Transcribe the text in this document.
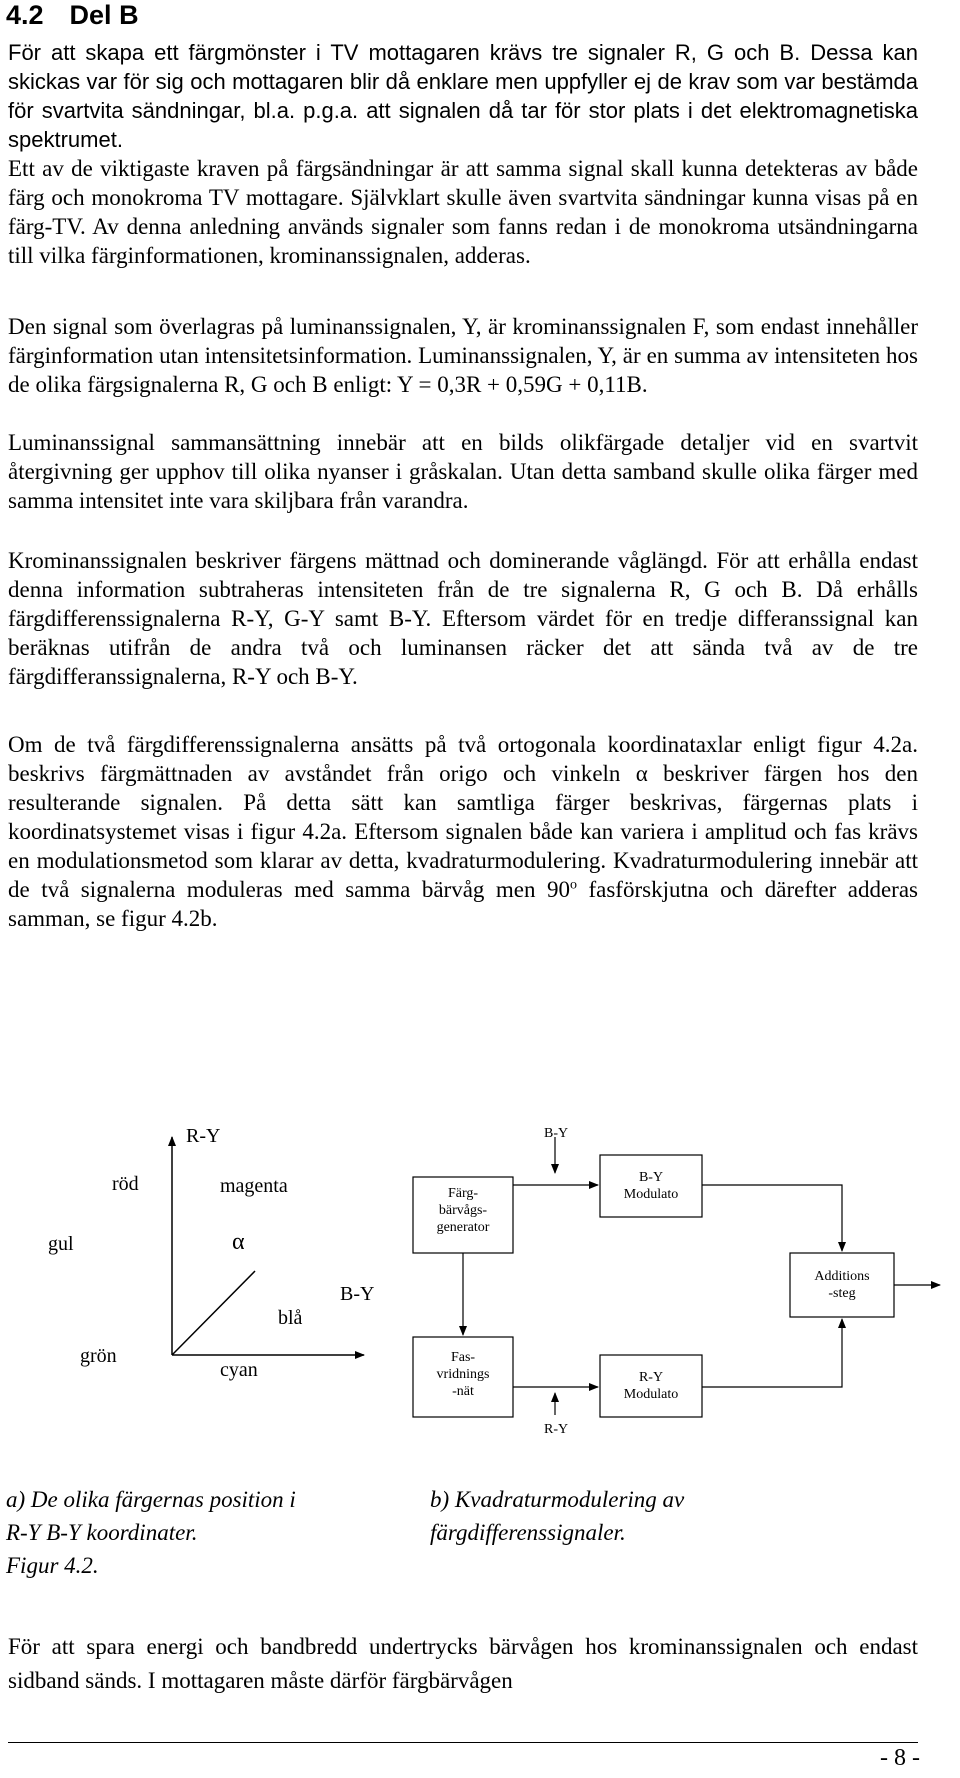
4.2 Del B

För att skapa ett färgmönster i TV mottagaren krävs tre signaler R, G och B. Dessa kan skickas var för sig och mottagaren blir då enklare men uppfyller ej de krav som var bestämda för svartvita sändningar, bl.a. p.g.a. att signalen då tar för stor plats i det elektromagnetiska spektrumet.

Ett av de viktigaste kraven på färgsändningar är att samma signal skall kunna detekteras av både färg och monokroma TV mottagare. Självklart skulle även svartvita sändningar kunna visas på en färg-TV. Av denna anledning används signaler som fanns redan i de monokroma utsändningarna till vilka färginformationen, krominanssignalen, adderas.

Den signal som överlagras på luminanssignalen, Y, är krominanssignalen F, som endast innehåller färginformation utan intensitetsinformation. Luminanssignalen, Y, är en summa av intensiteten hos de olika färgsignalerna R, G och B enligt: Y = 0,3R + 0,59G + 0,11B.

Luminanssignal sammansättning innebär att en bilds olikfärgade detaljer vid en svartvit återgivning ger upphov till olika nyanser i gråskalan. Utan detta samband skulle olika färger med samma intensitet inte vara skiljbara från varandra.

Krominanssignalen beskriver färgens mättnad och dominerande våglängd. För att erhålla endast denna information subtraheras intensiteten från de tre signalerna R, G och B. Då erhålls färgdifferenssignalerna R-Y, G-Y samt B-Y. Eftersom värdet för en tredje differanssignal kan beräknas utifrån de andra två och luminansen räcker det att sända två av de tre färgdifferanssignalerna, R-Y och B-Y.

Om de två färgdifferenssignalerna ansätts på två ortogonala koordinataxlar enligt figur 4.2a. beskrivs färgmättnaden av avståndet från origo och vinkeln α beskriver färgen hos den resulterande signalen. På detta sätt kan samtliga färger beskrivas, färgernas plats i koordinatsystemet visas i figur 4.2a. Eftersom signalen både kan variera i amplitud och fas krävs en modulationsmetod som klarar av detta, kvadraturmodulering. Kvadraturmodulering innebär att de två signalerna moduleras med samma bärvåg men 90$^o$ fasförskjutna och därefter adderas samman, se figur 4.2b.

R-Y
B-Y
α
röd	magenta
gul
blå
grön
cyan
Färg-
bärvågs-
generator
Fas-
vridnings
-nät
B-Y
Modulato
R-Y
Modulato
Additions
-steg
B-Y
R-Y
a) De olika färgernas position i
R-Y B-Y koordinater.
Figur 4.2.
b) Kvadraturmodulering av
färgdifferenssignaler.

För att spara energi och bandbredd undertrycks bärvågen hos krominanssignalen och endast sidband sänds. I mottagaren måste därför färgbärvågen

- 8 -
